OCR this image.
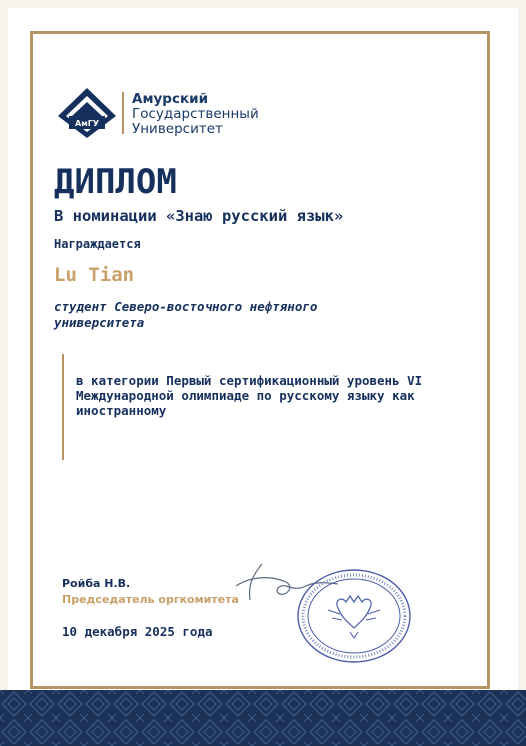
АмГУ
Амурский
Государственный
Университет
ДИПЛОМ
В номинации «Знаю русский язык»
Награждается
Lu Tian
студент Северо-восточного нефтяного университета
в категории Первый сертификационный уровень VI Международной олимпиаде по русскому языку как иностранному
Ройба Н.В.
Председатель оргкомитета
10 декабря 2025 года
